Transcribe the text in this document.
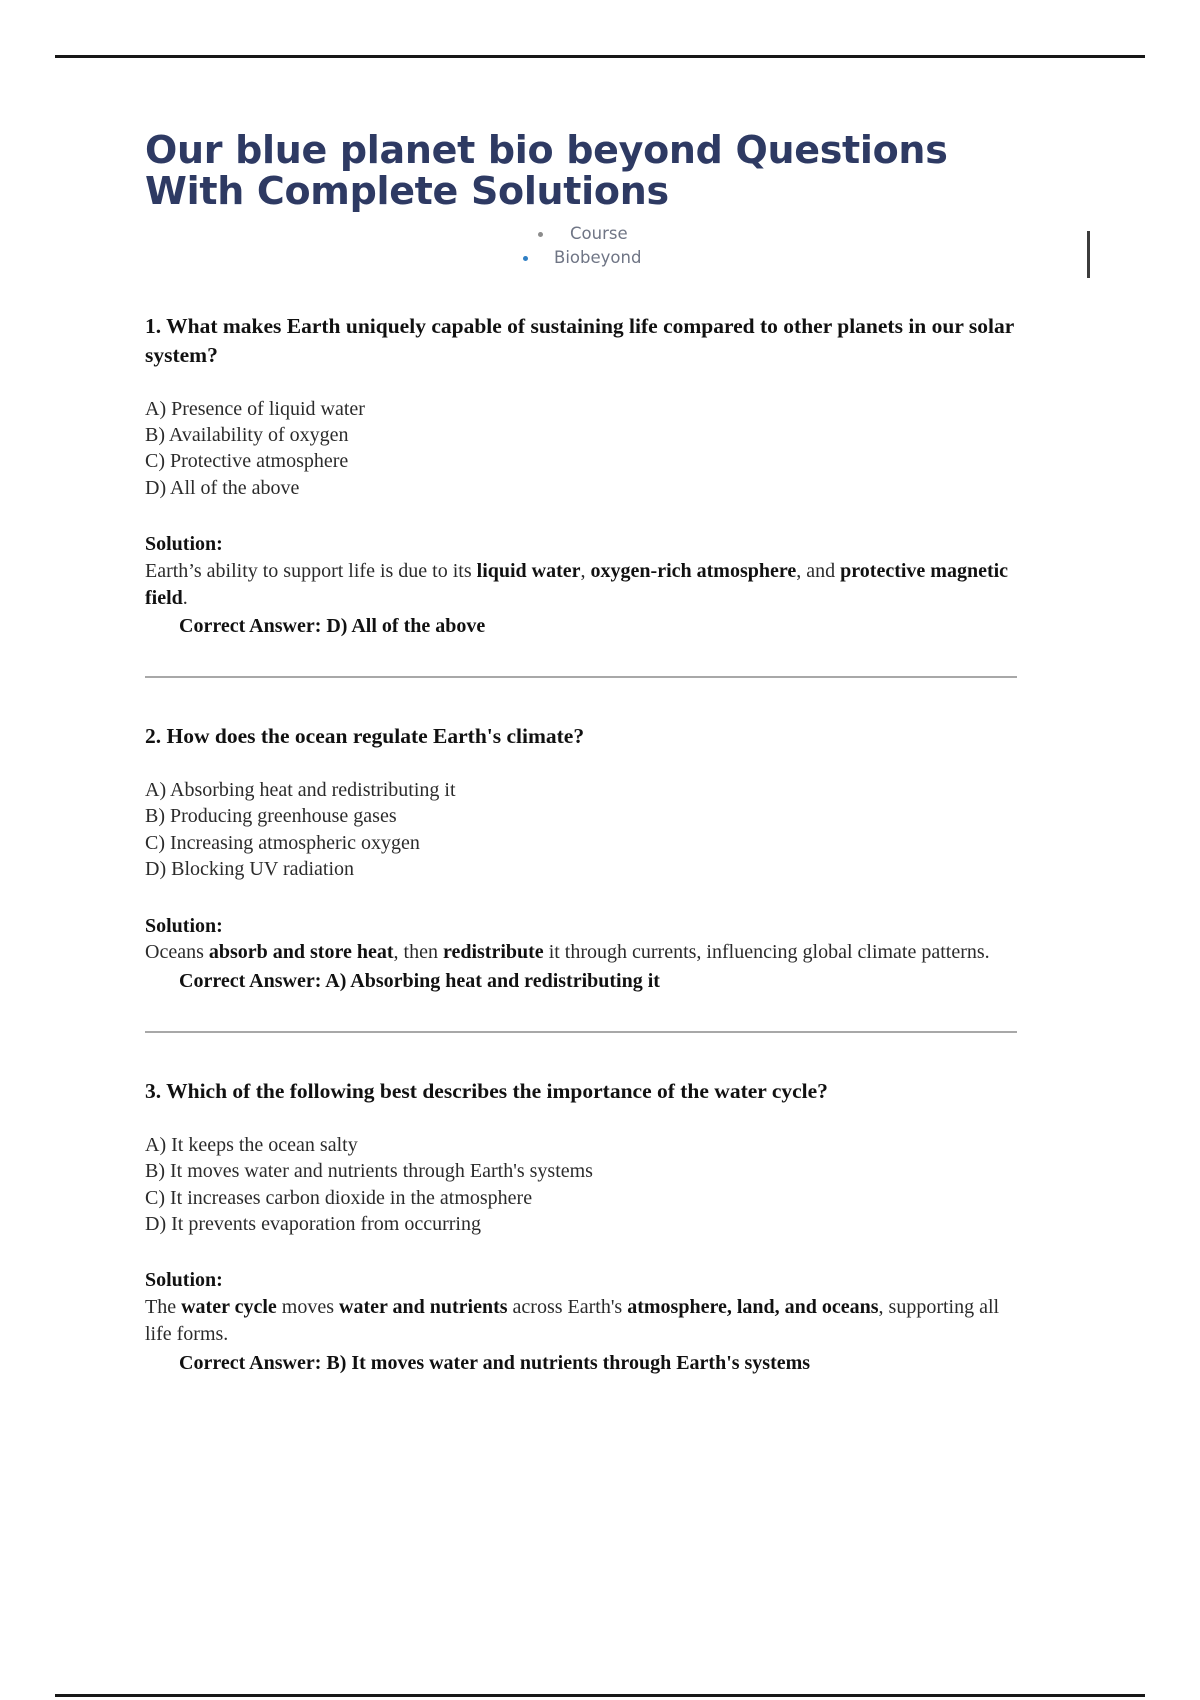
Our blue planet bio beyond Questions With Complete Solutions
Course
Biobeyond

1. What makes Earth uniquely capable of sustaining life compared to other planets in our solar system?

A) Presence of liquid water
B) Availability of oxygen
C) Protective atmosphere
D) All of the above
Solution:
Earth’s ability to support life is due to its liquid water, oxygen-rich atmosphere, and protective magnetic field.
Correct Answer: D) All of the above

2. How does the ocean regulate Earth's climate?

A) Absorbing heat and redistributing it
B) Producing greenhouse gases
C) Increasing atmospheric oxygen
D) Blocking UV radiation
Solution:
Oceans absorb and store heat, then redistribute it through currents, influencing global climate patterns.
Correct Answer: A) Absorbing heat and redistributing it

3. Which of the following best describes the importance of the water cycle?

A) It keeps the ocean salty
B) It moves water and nutrients through Earth's systems
C) It increases carbon dioxide in the atmosphere
D) It prevents evaporation from occurring
Solution:
The water cycle moves water and nutrients across Earth's atmosphere, land, and oceans, supporting all life forms.
Correct Answer: B) It moves water and nutrients through Earth's systems
